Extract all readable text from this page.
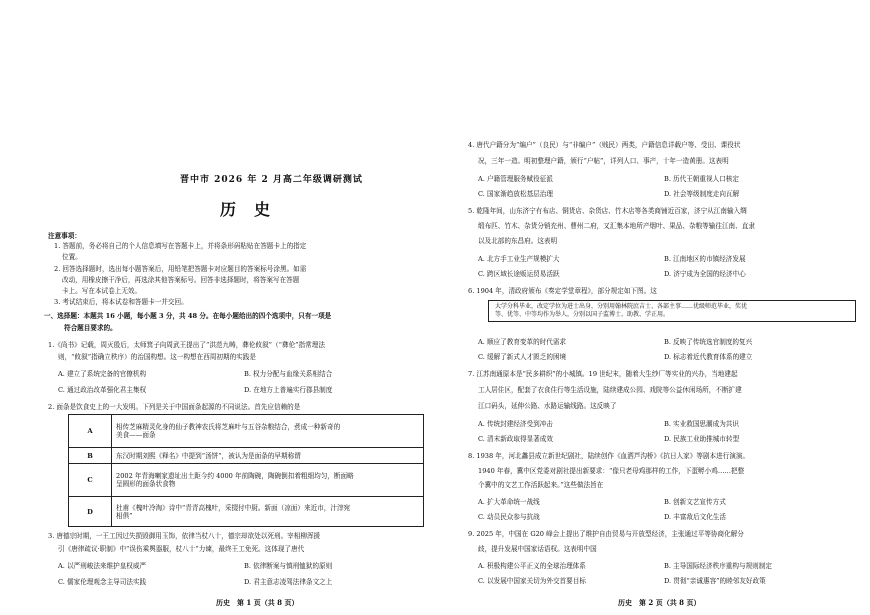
晋中市 2026 年 2 月高二年级调研测试
历史
注意事项：
1. 答题前，务必将自己的个人信息填写在答题卡上，并将条形码粘贴在答题卡上的指定
位置。
2. 回答选择题时，选出每小题答案后，用铅笔把答题卡对应题目的答案标号涂黑。如需
改动，用橡皮擦干净后，再选涂其他答案标号。回答非选择题时，将答案写在答题
卡上。写在本试卷上无效。
3. 考试结束后，将本试卷和答题卡一并交回。
一、选择题：本题共 16 小题，每小题 3 分，共 48 分。在每小题给出的四个选项中，只有一项是
符合题目要求的。
1.《尚书》记载，周灭殷后，太师箕子向周武王提出了“洪范九畴，彝伦攸叙”（“彝伦”指常理法
则，“攸叙”指确立秩序）的治国构想。这一构想在西周初期的实践是
A. 建立了系统完备的官僚机构	B. 权力分配与血缘关系相结合
C. 通过政治改革强化君主集权	D. 在地方上普遍实行郡县制度
2. 面条是饮食史上的一大发明。下列是关于中国面条起源的不同说法。首先应信赖的是
A	相传芝麻精灵化身的仙子教神农氏将芝麻叶与五谷杂粮结合，煮成一种新奇的
美食——面条
B	东汉时期刘熙《释名》中提到“汤饼”，被认为是面条的早期称谓
C	2002 年青海喇家遗址出土距今约 4000 年前陶碗，陶碗倒扣着粗细均匀，断面略
呈圆形的面条状食物
D	杜甫《槐叶冷淘》诗中“青青高槐叶，采掇付中厨。新面（凉面）来近市，汁滓宛
相俱”
3. 唐德宗时期，一王工因过失损毁御用玉饰，依律当杖八十，德宗却欲处以死刑。宰相柳浑援
引《唐律疏议·职制》中“误伤乘舆器服，杖八十”力谏，最终王工免死。这体现了唐代
A. 以严刑峻法来维护皇权威严	B. 依律断案与慎刑恤狱的原则
C. 儒家伦理观念主导司法实践	D. 君主意志凌驾法律条文之上
历史　第 1 页（共 8 页）
4. 唐代户籍分为“编户”（良民）与“非编户”（贱民）两类，户籍信息详载户等、受田、课役状
况，三年一造。明初整理户籍，颁行“户帖”，详列人口、事产，十年一造黄册。这表明
A. 户籍管理服务赋役征派	B. 历代王朝重视人口核定
C. 国家渐趋放松基层治理	D. 社会等级制度走向瓦解
5. 乾隆年间，山东济宁有布店、铜货店、杂货店、竹木店等各类商铺近百家，济宁从江南输入绸
缎布匹、竹木、杂货分销充州、曹州二府，又汇集本地所产烟叶、果品、杂粮等输往江南、直隶
以及北部的东昌府。这表明
A. 北方手工业生产规模扩大	B. 江南地区的市镇经济发展
C. 跨区域长途贩运贸易活跃	D. 济宁成为全国的经济中心
6. 1904 年，清政府颁布《奏定学堂章程》，部分规定如下图。这
大学分科毕业，改定学位为进士出身，分别用翰林院庶吉士、各部主事……优级师范毕业，奖优
等、优等、中等均作为举人，分别以国子监博士、助教、学正用。
A. 顺应了教育变革的时代需求	B. 反映了传统选官制度的复兴
C. 缓解了新式人才匮乏的困境	D. 标志着近代教育体系的建立
7. 江苏南通原本是“民多耕织”的小城镇。19 世纪末，随着大生纱厂等实业的兴办，当地建起
工人居住区，配套了衣食住行等生活设施，陆续建成公园、戏院等公益休闲场所，不断扩建
江口码头，延伸公路、水路运输线路。这反映了
A. 传统封建经济受到冲击	B. 实业救国思潮成为共识
C. 清末新政取得显著成效	D. 民族工业助推城市转型
8. 1938 年，河北蠡县成立新世纪剧社，陆续创作《血洒芦沟桥》《抗日人家》等剧本进行演演。
1940 年春，冀中区党委对剧社提出新要求：“像只老母鸡那样的工作，下蛋孵小鸡……把整
个冀中的文艺工作活跃起来。”这些做法旨在
A. 扩大革命统一战线	B. 创新文艺宣传方式
C. 动员民众参与抗战	D. 丰富敌后文化生活
9. 2025 年，中国在 G20 峰会上提出了维护自由贸易与开放型经济，主张通过平等协商化解分
歧，提升发展中国家话语权。这表明中国
A. 积极构建公平正义的全球治理体系	B. 主导国际经济秩序重构与规则制定
C. 以发展中国家关切为外交首要目标	D. 贯彻“亲诚惠容”的睦邻友好政策
历史　第 2 页（共 8 页）
